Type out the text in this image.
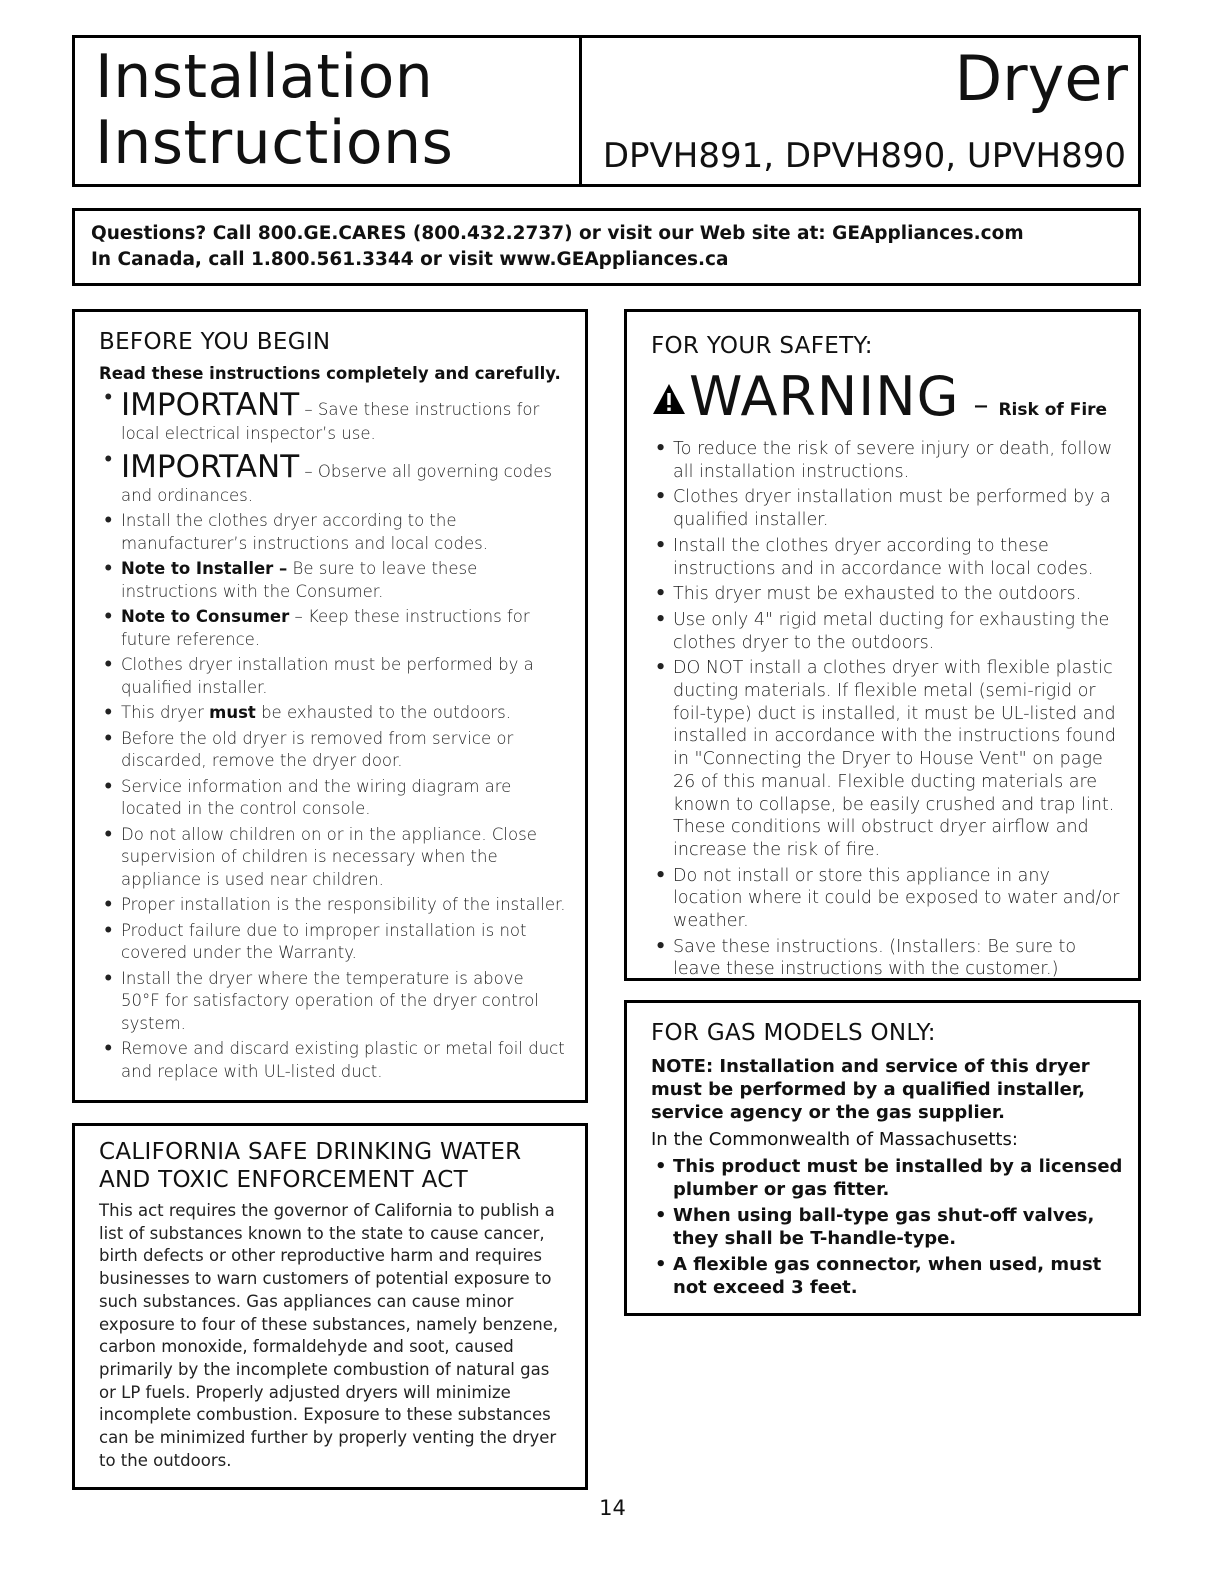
Installation
Instructions
Dryer
DPVH891, DPVH890, UPVH890
Questions? Call 800.GE.CARES (800.432.2737) or visit our Web site at: GEAppliances.com
In Canada, call 1.800.561.3344 or visit www.GEAppliances.ca
BEFORE YOU BEGIN
Read these instructions completely and carefully.
• IMPORTANT – Save these instructions for local electrical inspector’s use.
• IMPORTANT – Observe all governing codes and ordinances.
• Install the clothes dryer according to the manufacturer’s instructions and local codes.
• Note to Installer – Be sure to leave these instructions with the Consumer.
• Note to Consumer – Keep these instructions for future reference.
• Clothes dryer installation must be performed by a qualified installer.
• This dryer must be exhausted to the outdoors.
• Before the old dryer is removed from service or discarded, remove the dryer door.
• Service information and the wiring diagram are located in the control console.
• Do not allow children on or in the appliance. Close supervision of children is necessary when the appliance is used near children.
• Proper installation is the responsibility of the installer.
• Product failure due to improper installation is not covered under the Warranty.
• Install the dryer where the temperature is above 50°F for satisfactory operation of the dryer control system.
• Remove and discard existing plastic or metal foil duct and replace with UL-listed duct.
CALIFORNIA SAFE DRINKING WATER AND TOXIC ENFORCEMENT ACT

This act requires the governor of California to publish a list of substances known to the state to cause cancer, birth defects or other reproductive harm and requires businesses to warn customers of potential exposure to such substances. Gas appliances can cause minor exposure to four of these substances, namely benzene, carbon monoxide, formaldehyde and soot, caused primarily by the incomplete combustion of natural gas or LP fuels. Properly adjusted dryers will minimize incomplete combustion. Exposure to these substances can be minimized further by properly venting the dryer to the outdoors.

FOR YOUR SAFETY:
WARNING – Risk of Fire
• To reduce the risk of severe injury or death, follow all installation instructions.
• Clothes dryer installation must be performed by a qualified installer.
• Install the clothes dryer according to these instructions and in accordance with local codes.
• This dryer must be exhausted to the outdoors.
• Use only 4" rigid metal ducting for exhausting the clothes dryer to the outdoors.
• DO NOT install a clothes dryer with flexible plastic ducting materials. If flexible metal (semi-rigid or foil-type) duct is installed, it must be UL-listed and installed in accordance with the instructions found in "Connecting the Dryer to House Vent" on page 26 of this manual. Flexible ducting materials are known to collapse, be easily crushed and trap lint. These conditions will obstruct dryer airflow and increase the risk of fire.
• Do not install or store this appliance in any location where it could be exposed to water and/or weather.
• Save these instructions. (Installers: Be sure to leave these instructions with the customer.)
FOR GAS MODELS ONLY:
NOTE: Installation and service of this dryer must be performed by a qualified installer, service agency or the gas supplier.
In the Commonwealth of Massachusetts:
• This product must be installed by a licensed plumber or gas fitter.
• When using ball-type gas shut-off valves, they shall be T-handle-type.
• A flexible gas connector, when used, must not exceed 3 feet.
14
